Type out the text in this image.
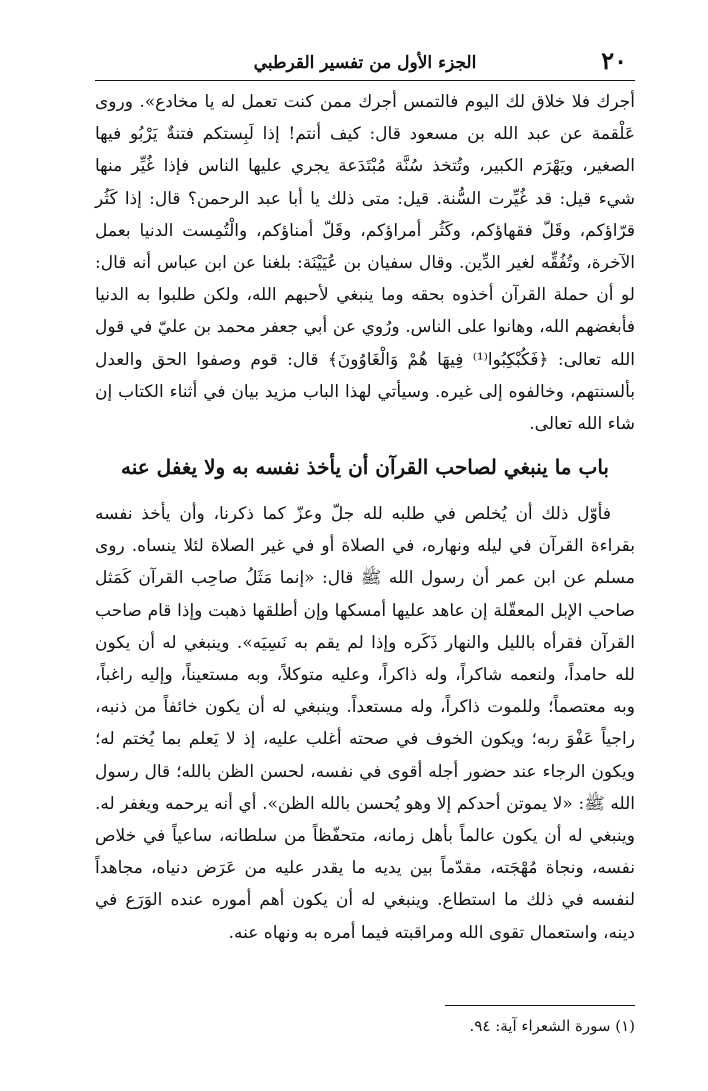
٢٠
الجزء الأول من تفسير القرطبي

أجرك فلا خلاق لك اليوم فالتمس أجرك ممن كنت تعمل له يا مخادع». وروى عَلْقمة عن عبد الله بن مسعود قال: كيف أنتم! إذا لَبِستكم فتنةٌ يَرْبُو فيها الصغير، ويَهْرَم الكبير، وتُتخذ سُنَّة مُبْتَدَعة يجري عليها الناس فإذا غُيِّر منها شيء قيل: قد غُيِّرت السُّنة. قيل: متى ذلك يا أبا عبد الرحمن؟ قال: إذا كَثُر قرّاؤكم، وقَلّ فقهاؤكم، وكَثُر أمراؤكم، وقَلّ أمناؤكم، والْتُمِست الدنيا بعمل الآخرة، وتُفُقِّه لغير الدِّين. وقال سفيان بن عُيَيْنَة: بلغنا عن ابن عباس أنه قال: لو أن حملة القرآن أخذوه بحقه وما ينبغي لأحبهم الله، ولكن طلبوا به الدنيا فأبغضهم الله، وهانوا على الناس. ورُوي عن أبي جعفر محمد بن عليّ في قول الله تعالى: ﴿فَكُبْكِبُوا⁽¹⁾ فِيهَا هُمْ وَالْغَاوُونَ﴾ قال: قوم وصفوا الحق والعدل بألسنتهم، وخالفوه إلى غيره. وسيأتي لهذا الباب مزيد بيان في أثناء الكتاب إن شاء الله تعالى.

باب ما ينبغي لصاحب القرآن أن يأخذ نفسه به ولا يغفل عنه

فأوّل ذلك أن يُخلص في طلبه لله جلّ وعزّ كما ذكرنا، وأن يأخذ نفسه بقراءة القرآن في ليله ونهاره، في الصلاة أو في غير الصلاة لئلا ينساه. روى مسلم عن ابن عمر أن رسول الله ﷺ قال: «إنما مَثَلُ صاحِب القرآن كَمَثل صاحب الإبل المعقّلة إن عاهد عليها أمسكها وإن أطلقها ذهبت وإذا قام صاحب القرآن فقرأه بالليل والنهار ذَكَره وإذا لم يقم به نَسِيَه». وينبغي له أن يكون لله حامداً، ولنعمه شاكراً، وله ذاكراً، وعليه متوكلاً، وبه مستعيناً، وإليه راغباً، وبه معتصماً؛ وللموت ذاكراً، وله مستعداً. وينبغي له أن يكون خائفاً من ذنبه، راجياً عَفْوَ ربه؛ ويكون الخوف في صحته أغلب عليه، إذ لا يَعلم بما يُختم له؛ ويكون الرجاء عند حضور أجله أقوى في نفسه، لحسن الظن بالله؛ قال رسول الله ﷺ: «لا يموتن أحدكم إلا وهو يُحسن بالله الظن». أي أنه يرحمه ويغفر له. وينبغي له أن يكون عالماً بأهل زمانه، متحفّظاً من سلطانه، ساعياً في خلاص نفسه، ونجاة مُهْجَته، مقدّماً بين يديه ما يقدر عليه من عَرَض دنياه، مجاهداً لنفسه في ذلك ما استطاع. وينبغي له أن يكون أهم أموره عنده الوَرَع في دينه، واستعمال تقوى الله ومراقبته فيما أمره به ونهاه عنه.

(١) سورة الشعراء آية: ٩٤.
